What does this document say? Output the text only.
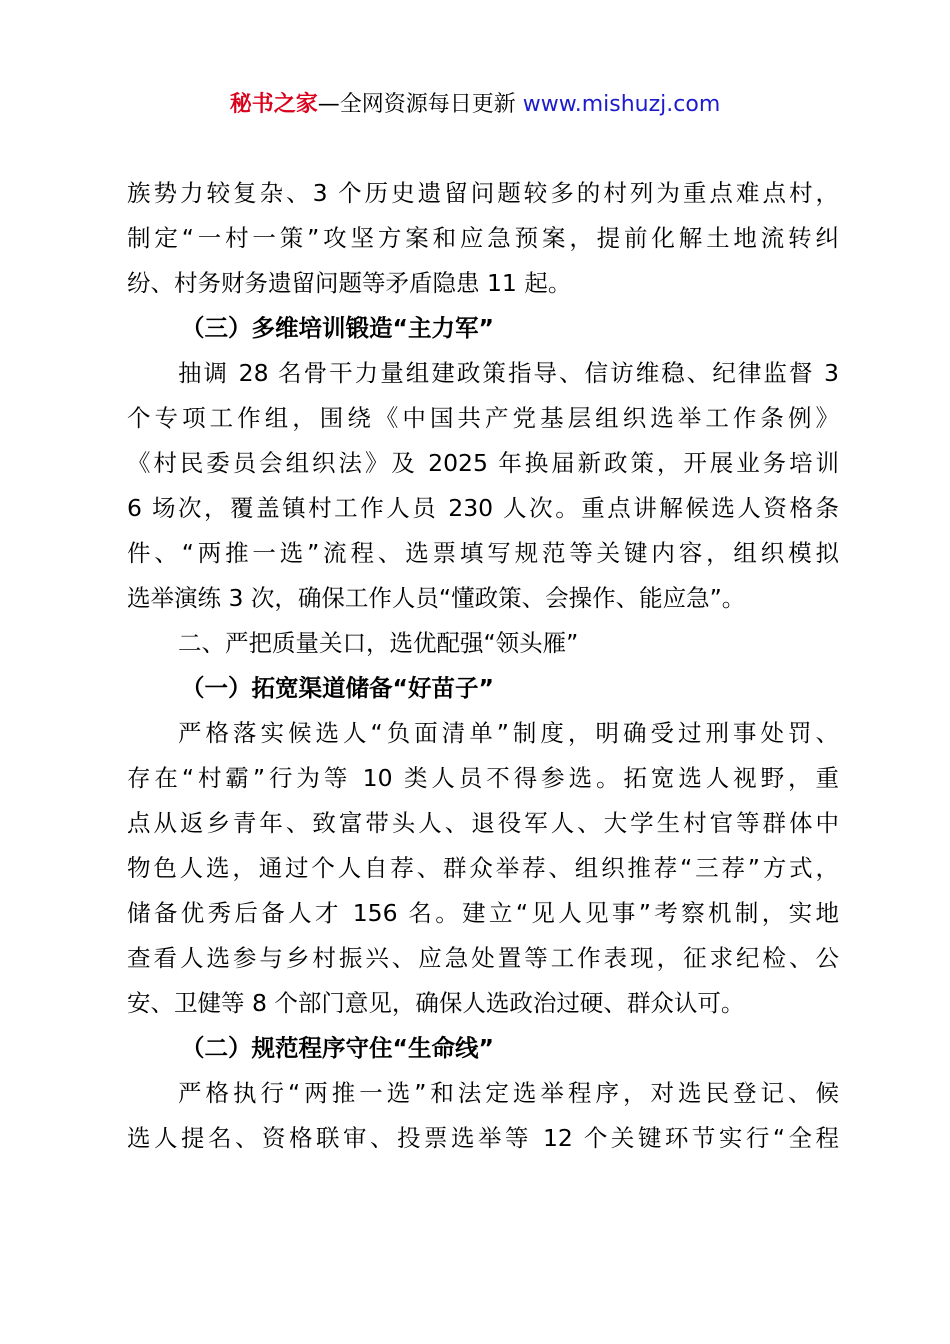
秘书之家—全网资源每日更新 www.mishuzj.com
族势力较复杂、3 个历史遗留问题较多的村列为重点难点村，
制定“一村一策”攻坚方案和应急预案，提前化解土地流转纠
纷、村务财务遗留问题等矛盾隐患 11 起。
（三）多维培训锻造“主力军”
抽调 28 名骨干力量组建政策指导、信访维稳、纪律监督 3
个专项工作组，围绕《中国共产党基层组织选举工作条例》
《村民委员会组织法》及 2025 年换届新政策，开展业务培训
6 场次，覆盖镇村工作人员 230 人次。重点讲解候选人资格条
件、“两推一选”流程、选票填写规范等关键内容，组织模拟
选举演练 3 次，确保工作人员“懂政策、会操作、能应急”。
二、严把质量关口，选优配强“领头雁”
（一）拓宽渠道储备“好苗子”
严格落实候选人“负面清单”制度，明确受过刑事处罚、
存在“村霸”行为等 10 类人员不得参选。拓宽选人视野，重
点从返乡青年、致富带头人、退役军人、大学生村官等群体中
物色人选，通过个人自荐、群众举荐、组织推荐“三荐”方式，
储备优秀后备人才 156 名。建立“见人见事”考察机制，实地
查看人选参与乡村振兴、应急处置等工作表现，征求纪检、公
安、卫健等 8 个部门意见，确保人选政治过硬、群众认可。
（二）规范程序守住“生命线”
严格执行“两推一选”和法定选举程序，对选民登记、候
选人提名、资格联审、投票选举等 12 个关键环节实行“全程
